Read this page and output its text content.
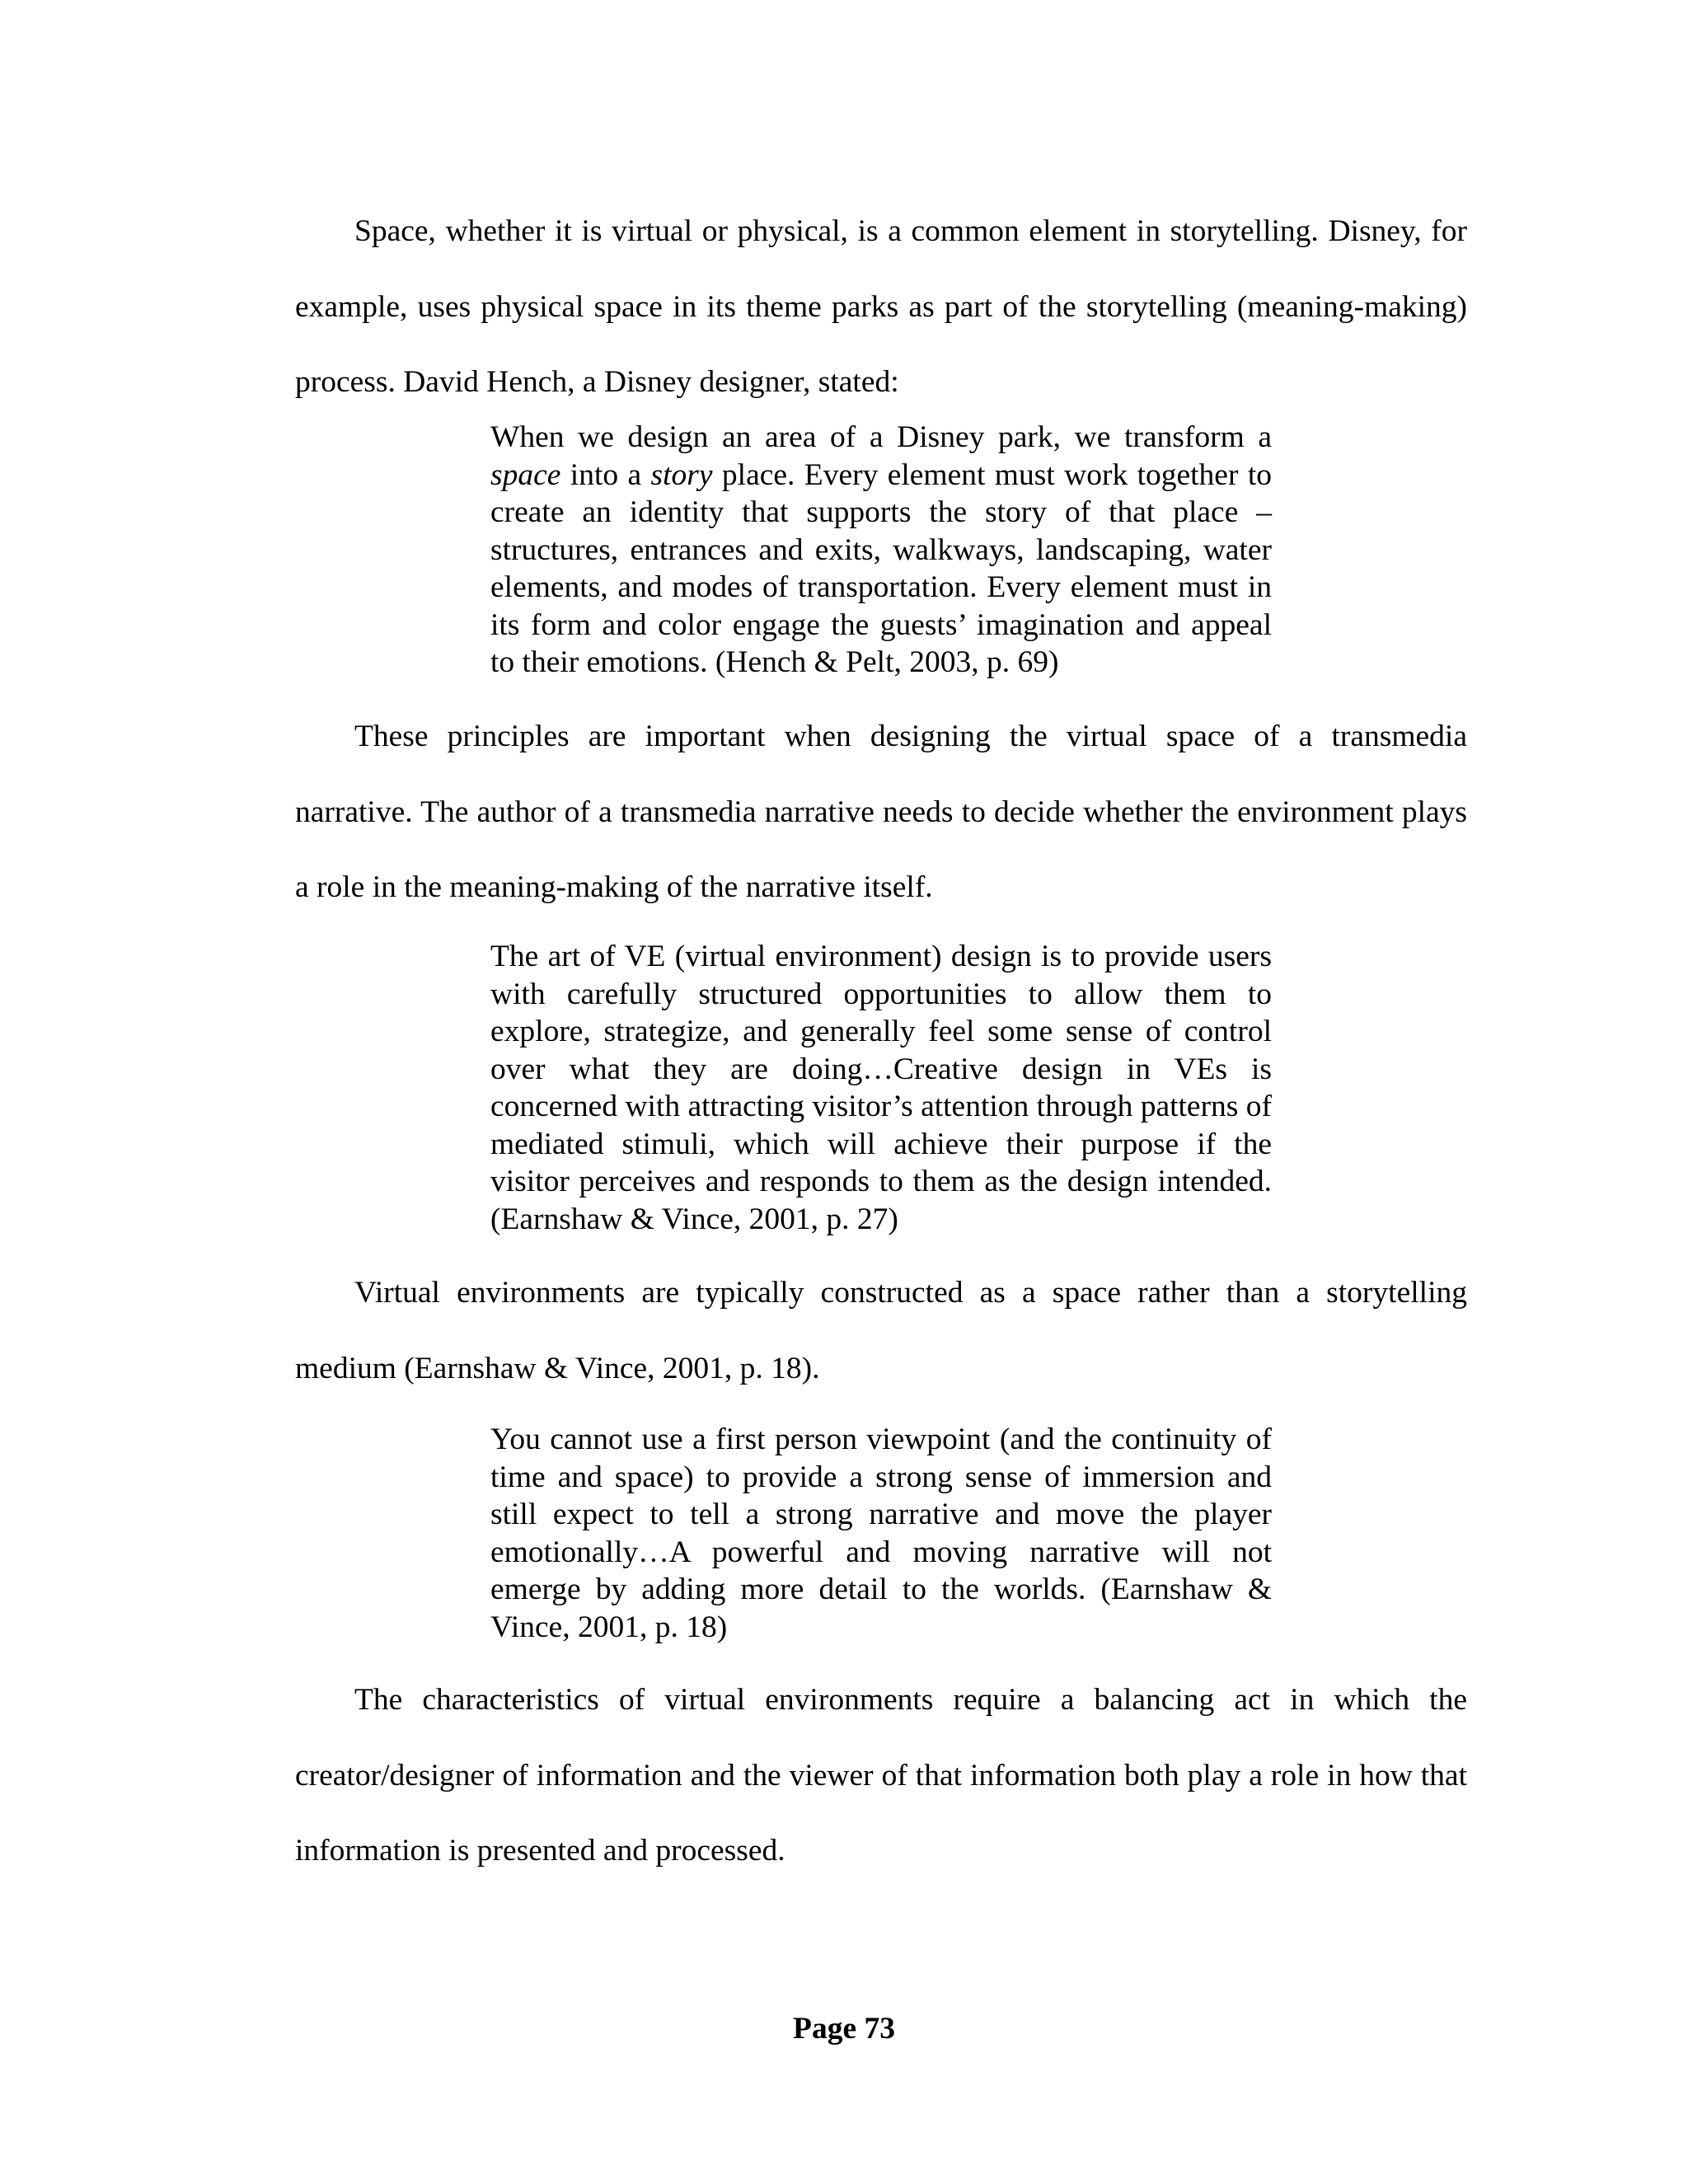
Space, whether it is virtual or physical, is a common element in storytelling. Disney, for example, uses physical space in its theme parks as part of the storytelling (meaning-making) process. David Hench, a Disney designer, stated:

When we design an area of a Disney park, we transform a space into a story place. Every element must work together to create an identity that supports the story of that place – structures, entrances and exits, walkways, landscaping, water elements, and modes of transportation. Every element must in its form and color engage the guests’ imagination and appeal to their emotions. (Hench & Pelt, 2003, p. 69)

These principles are important when designing the virtual space of a transmedia narrative. The author of a transmedia narrative needs to decide whether the environment plays a role in the meaning-making of the narrative itself.

The art of VE (virtual environment) design is to provide users with carefully structured opportunities to allow them to explore, strategize, and generally feel some sense of control over what they are doing…Creative design in VEs is concerned with attracting visitor’s attention through patterns of mediated stimuli, which will achieve their purpose if the visitor perceives and responds to them as the design intended. (Earnshaw & Vince, 2001, p. 27)

Virtual environments are typically constructed as a space rather than a storytelling medium (Earnshaw & Vince, 2001, p. 18).

You cannot use a first person viewpoint (and the continuity of time and space) to provide a strong sense of immersion and still expect to tell a strong narrative and move the player emotionally…A powerful and moving narrative will not emerge by adding more detail to the worlds. (Earnshaw & Vince, 2001, p. 18)

The characteristics of virtual environments require a balancing act in which the creator/designer of information and the viewer of that information both play a role in how that information is presented and processed.

Page 73
